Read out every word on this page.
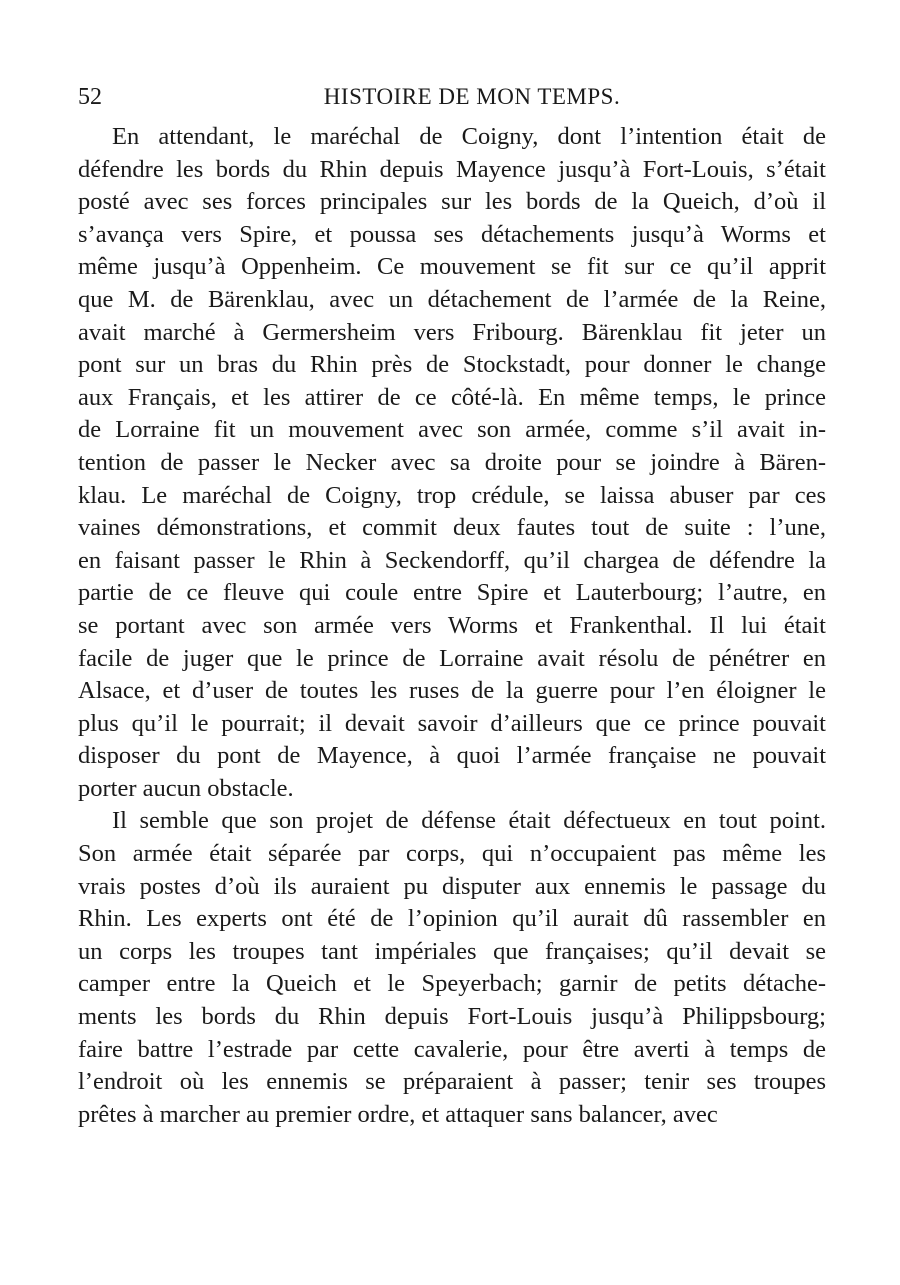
52	HISTOIRE DE MON TEMPS.

En attendant, le maréchal de Coigny, dont l’intention était de
défendre les bords du Rhin depuis Mayence jusqu’à Fort-Louis, s’était
posté avec ses forces principales sur les bords de la Queich, d’où il
s’avança vers Spire, et poussa ses détachements jusqu’à Worms et
même jusqu’à Oppenheim. Ce mouvement se fit sur ce qu’il apprit
que M. de Bärenklau, avec un détachement de l’armée de la Reine,
avait marché à Germersheim vers Fribourg. Bärenklau fit jeter un
pont sur un bras du Rhin près de Stockstadt, pour donner le change
aux Français, et les attirer de ce côté-là. En même temps, le prince
de Lorraine fit un mouvement avec son armée, comme s’il avait in-
tention de passer le Necker avec sa droite pour se joindre à Bären-
klau. Le maréchal de Coigny, trop crédule, se laissa abuser par ces
vaines démonstrations, et commit deux fautes tout de suite : l’une,
en faisant passer le Rhin à Seckendorff, qu’il chargea de défendre la
partie de ce fleuve qui coule entre Spire et Lauterbourg; l’autre, en
se portant avec son armée vers Worms et Frankenthal. Il lui était
facile de juger que le prince de Lorraine avait résolu de pénétrer en
Alsace, et d’user de toutes les ruses de la guerre pour l’en éloigner le
plus qu’il le pourrait; il devait savoir d’ailleurs que ce prince pouvait
disposer du pont de Mayence, à quoi l’armée française ne pouvait
porter aucun obstacle.

Il semble que son projet de défense était défectueux en tout point.
Son armée était séparée par corps, qui n’occupaient pas même les
vrais postes d’où ils auraient pu disputer aux ennemis le passage du
Rhin. Les experts ont été de l’opinion qu’il aurait dû rassembler en
un corps les troupes tant impériales que françaises; qu’il devait se
camper entre la Queich et le Speyerbach; garnir de petits détache-
ments les bords du Rhin depuis Fort-Louis jusqu’à Philippsbourg;
faire battre l’estrade par cette cavalerie, pour être averti à temps de
l’endroit où les ennemis se préparaient à passer; tenir ses troupes
prêtes à marcher au premier ordre, et attaquer sans balancer, avec
